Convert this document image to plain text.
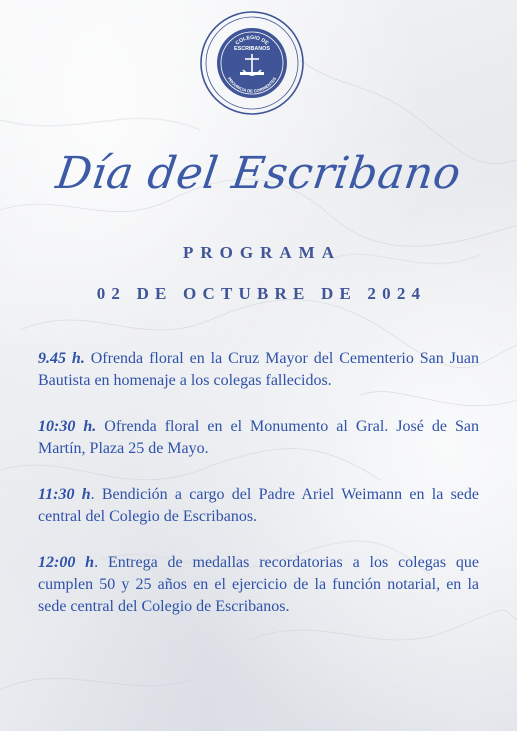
COLEGIO DE
ESCRIBANOS
PROVINCIA DE CORRIENTES
Día del Escribano
PROGRAMA
02 DE OCTUBRE DE 2024

9.45 h. Ofrenda floral en la Cruz Mayor del Cementerio San Juan Bautista en homenaje a los colegas fallecidos.

10:30 h. Ofrenda floral en el Monumento al Gral. José de San Martín, Plaza 25 de Mayo.

11:30 h. Bendición a cargo del Padre Ariel Weimann en la sede central del Colegio de Escribanos.

12:00 h. Entrega de medallas recordatorias a los colegas que cumplen 50 y 25 años en el ejercicio de la función notarial, en la sede central del Colegio de Escribanos.
